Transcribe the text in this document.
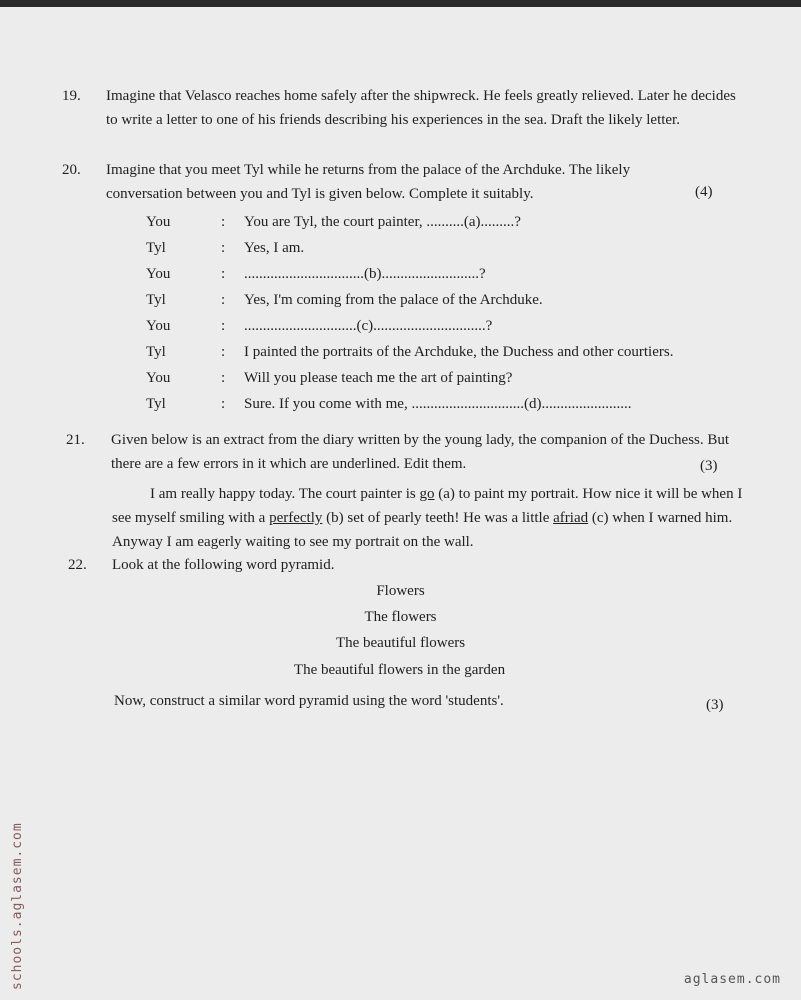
19. Imagine that Velasco reaches home safely after the shipwreck. He feels greatly relieved. Later he decides to write a letter to one of his friends describing his experiences in the sea. Draft the likely letter.
20. Imagine that you meet Tyl while he returns from the palace of the Archduke. The likely conversation between you and Tyl is given below. Complete it suitably.	(4)
You	: You are Tyl, the court painter, ..........(a).........?
Tyl	: Yes, I am.
You	: ................................(b)..........................?
Tyl	: Yes, I'm coming from the palace of the Archduke.
You	: ..............................(c)..............................?
Tyl	: I painted the portraits of the Archduke, the Duchess and other courtiers.
You	: Will you please teach me the art of painting?
Tyl	: Sure. If you come with me, ..............................(d)........................
21. Given below is an extract from the diary written by the young lady, the companion of the Duchess. But there are a few errors in it which are underlined. Edit them.	(3)
I am really happy today. The court painter is go (a) to paint my portrait. How nice it will be when I see myself smiling with a perfectly (b) set of pearly teeth! He was a little afriad (c) when I warned him. Anyway I am eagerly waiting to see my portrait on the wall.
22. Look at the following word pyramid.
Flowers
The flowers
The beautiful flowers
The beautiful flowers in the garden
Now, construct a similar word pyramid using the word 'students'.	(3)
schools.aglasem.com	aglasem.com
